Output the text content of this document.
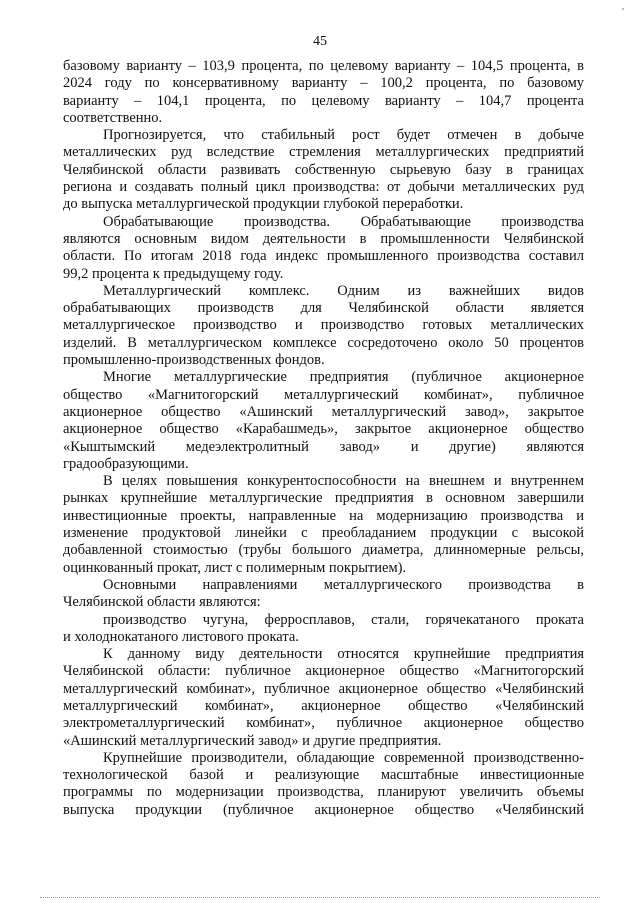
45
базовому варианту – 103,9 процента, по целевому варианту – 104,5 процента, в
2024 году по консервативному варианту – 100,2 процента, по базовому
варианту – 104,1 процента, по целевому варианту – 104,7 процента
соответственно.
Прогнозируется, что стабильный рост будет отмечен в добыче
металлических руд вследствие стремления металлургических предприятий
Челябинской области развивать собственную сырьевую базу в границах
региона и создавать полный цикл производства: от добычи металлических руд
до выпуска металлургической продукции глубокой переработки.
Обрабатывающие производства. Обрабатывающие производства
являются основным видом деятельности в промышленности Челябинской
области. По итогам 2018 года индекс промышленного производства составил
99,2 процента к предыдущему году.
Металлургический комплекс. Одним из важнейших видов
обрабатывающих производств для Челябинской области является
металлургическое производство и производство готовых металлических
изделий. В металлургическом комплексе сосредоточено около 50 процентов
промышленно-производственных фондов.
Многие металлургические предприятия (публичное акционерное
общество «Магнитогорский металлургический комбинат», публичное
акционерное общество «Ашинский металлургический завод», закрытое
акционерное общество «Карабашмедь», закрытое акционерное общество
«Кыштымский медеэлектролитный завод» и другие) являются
градообразующими.
В целях повышения конкурентоспособности на внешнем и внутреннем
рынках крупнейшие металлургические предприятия в основном завершили
инвестиционные проекты, направленные на модернизацию производства и
изменение продуктовой линейки с преобладанием продукции с высокой
добавленной стоимостью (трубы большого диаметра, длинномерные рельсы,
оцинкованный прокат, лист с полимерным покрытием).
Основными направлениями металлургического производства в
Челябинской области являются:
производство чугуна, ферросплавов, стали, горячекатаного проката
и холоднокатаного листового проката.
К данному виду деятельности относятся крупнейшие предприятия
Челябинской области: публичное акционерное общество «Магнитогорский
металлургический комбинат», публичное акционерное общество «Челябинский
металлургический комбинат», акционерное общество «Челябинский
электрометаллургический комбинат», публичное акционерное общество
«Ашинский металлургический завод» и другие предприятия.
Крупнейшие производители, обладающие современной производственно-
технологической базой и реализующие масштабные инвестиционные
программы по модернизации производства, планируют увеличить объемы
выпуска продукции (публичное акционерное общество «Челябинский
